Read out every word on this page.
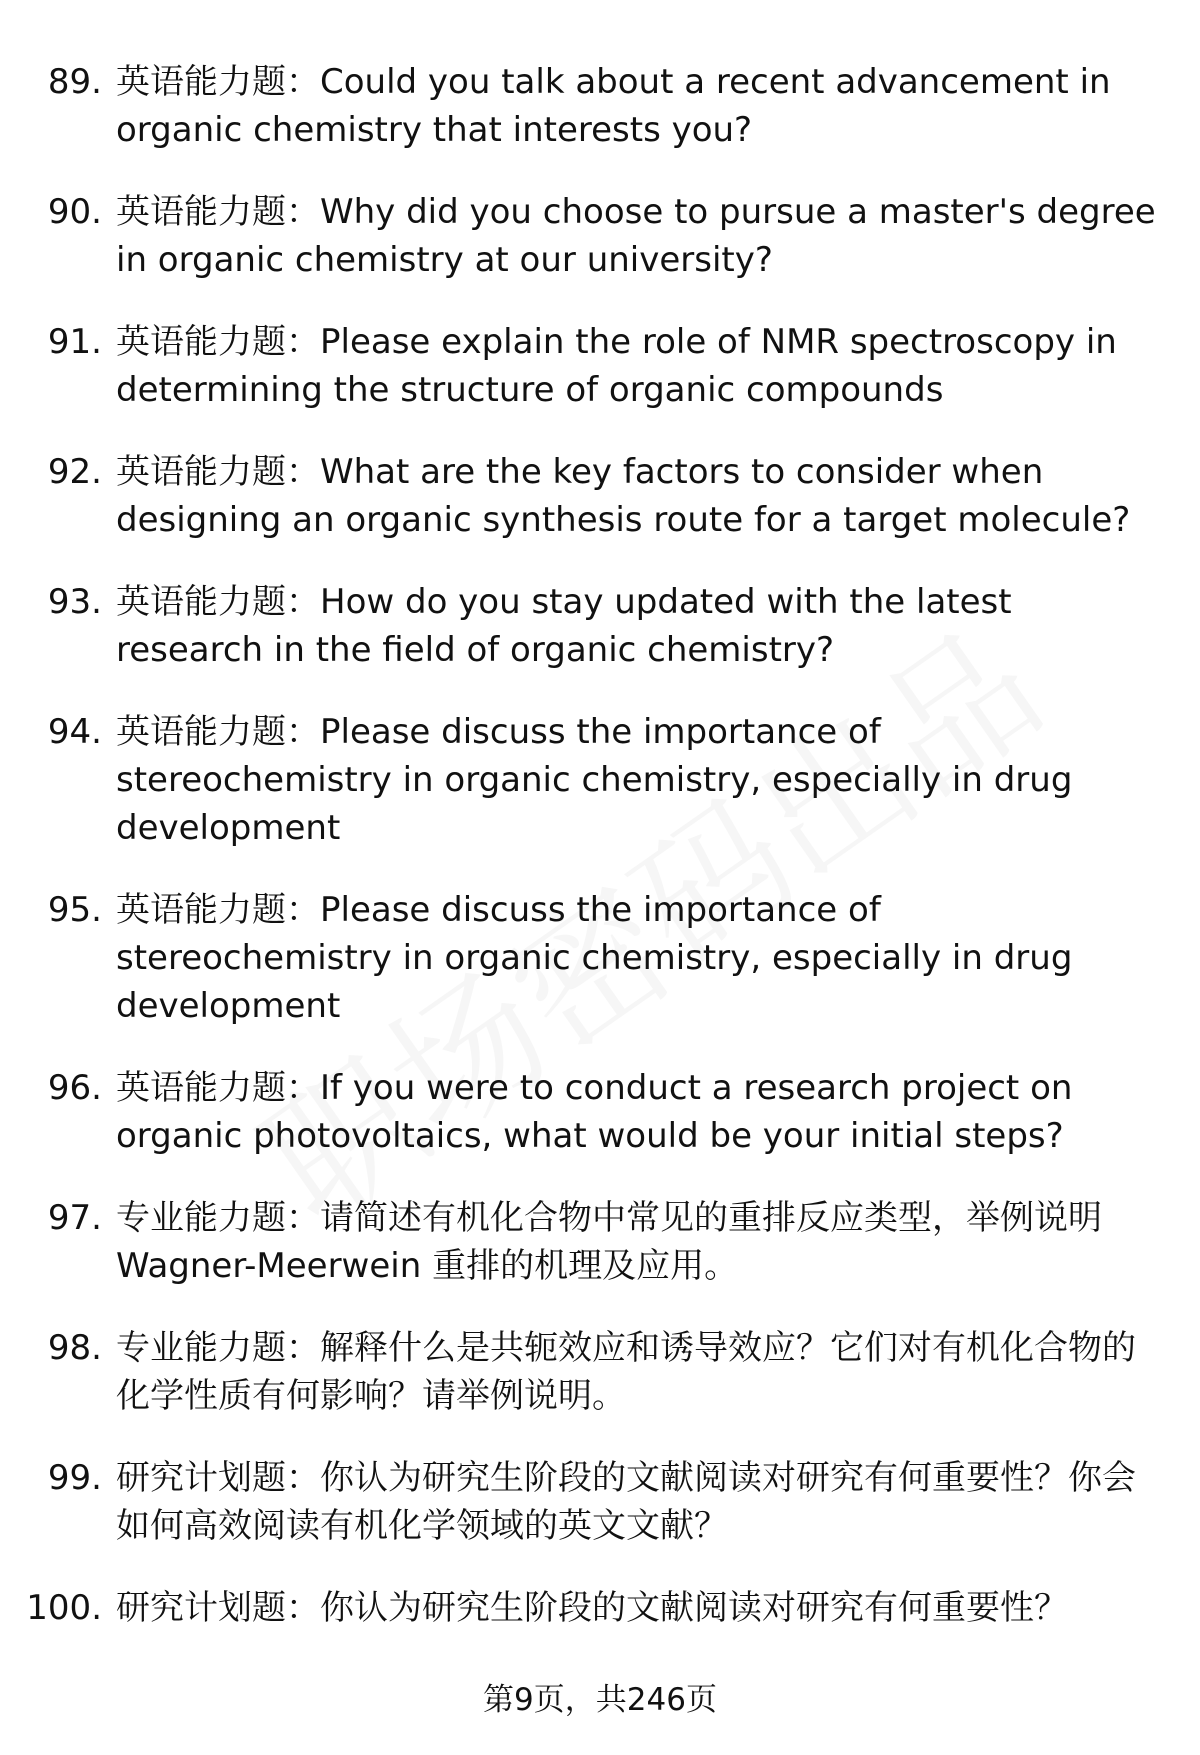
89. 英语能力题：Could you talk about a recent advancement in organic chemistry that interests you?
90. 英语能力题：Why did you choose to pursue a master's degree in organic chemistry at our university?
91. 英语能力题：Please explain the role of NMR spectroscopy in determining the structure of organic compounds
92. 英语能力题：What are the key factors to consider when designing an organic synthesis route for a target molecule?
93. 英语能力题：How do you stay updated with the latest research in the field of organic chemistry?
94. 英语能力题：Please discuss the importance of stereochemistry in organic chemistry, especially in drug development
95. 英语能力题：Please discuss the importance of stereochemistry in organic chemistry, especially in drug development
96. 英语能力题：If you were to conduct a research project on organic photovoltaics, what would be your initial steps?
97. 专业能力题：请简述有机化合物中常见的重排反应类型，举例说明 Wagner-Meerwein 重排的机理及应用。
98. 专业能力题：解释什么是共轭效应和诱导效应？它们对有机化合物的化学性质有何影响？请举例说明。
99. 研究计划题：你认为研究生阶段的文献阅读对研究有何重要性？你会如何高效阅读有机化学领域的英文文献？
100. 研究计划题：你认为研究生阶段的文献阅读对研究有何重要性？
第9页，共246页
